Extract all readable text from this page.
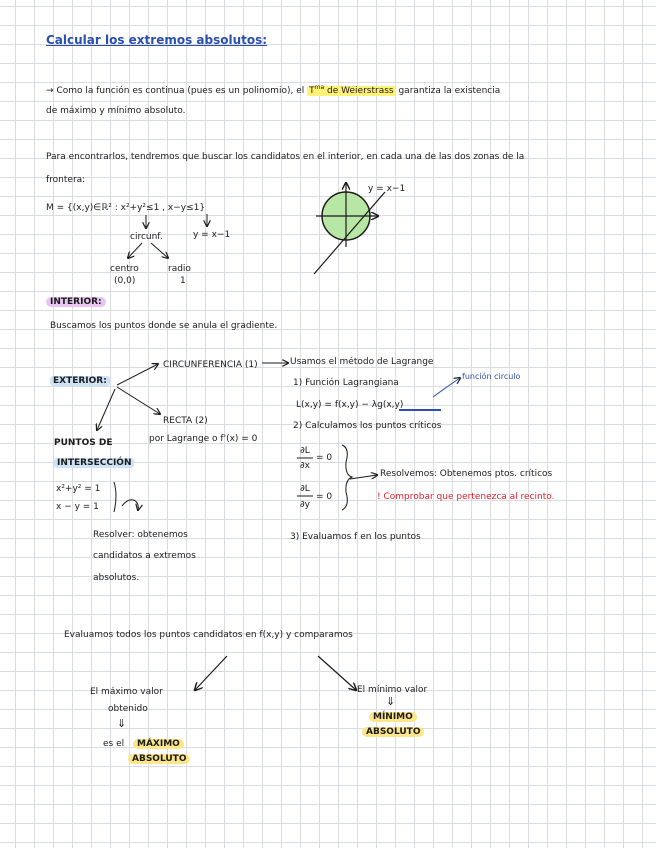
Calcular los extremos absolutos:
→ Como la función es continua (pues es un polinomio), el $T^{ma}$ de Weierstrass garantiza la existencia
de máximo y mínimo absoluto.
Para encontrarlos, tendremos que buscar los candidatos en el interior, en cada una de las dos zonas de la
frontera:
M = {(x,y)∈ℝ² : x²+y²≤1 , x−y≤1}
circunf.	y = x−1
centro
(0,0)
radio
1
y = x−1
INTERIOR:
Buscamos los puntos donde se anula el gradiente.
EXTERIOR:
CIRCUNFERENCIA (1)	Usamos el método de Lagrange
1) Función Lagrangiana
función circulo
L(x,y) = f(x,y) − λg(x,y)
2) Calculamos los puntos críticos
∂L
∂x
= 0
∂L
∂y
= 0
Resolvemos: Obtenemos ptos. críticos
! Comprobar que pertenezca al recinto.
3) Evaluamos f en los puntos
RECTA (2)
por Lagrange o f'(x) = 0
PUNTOS DE
INTERSECCIÓN
x²+y² = 1
x − y = 1
Resolver: obtenemos
candidatos a extremos
absolutos.
Evaluamos todos los puntos candidatos en f(x,y) y comparamos
El máximo valor
obtenido
⇓
es el	MÁXIMO
ABSOLUTO
El mínimo valor
⇓
MÍNIMO
ABSOLUTO
